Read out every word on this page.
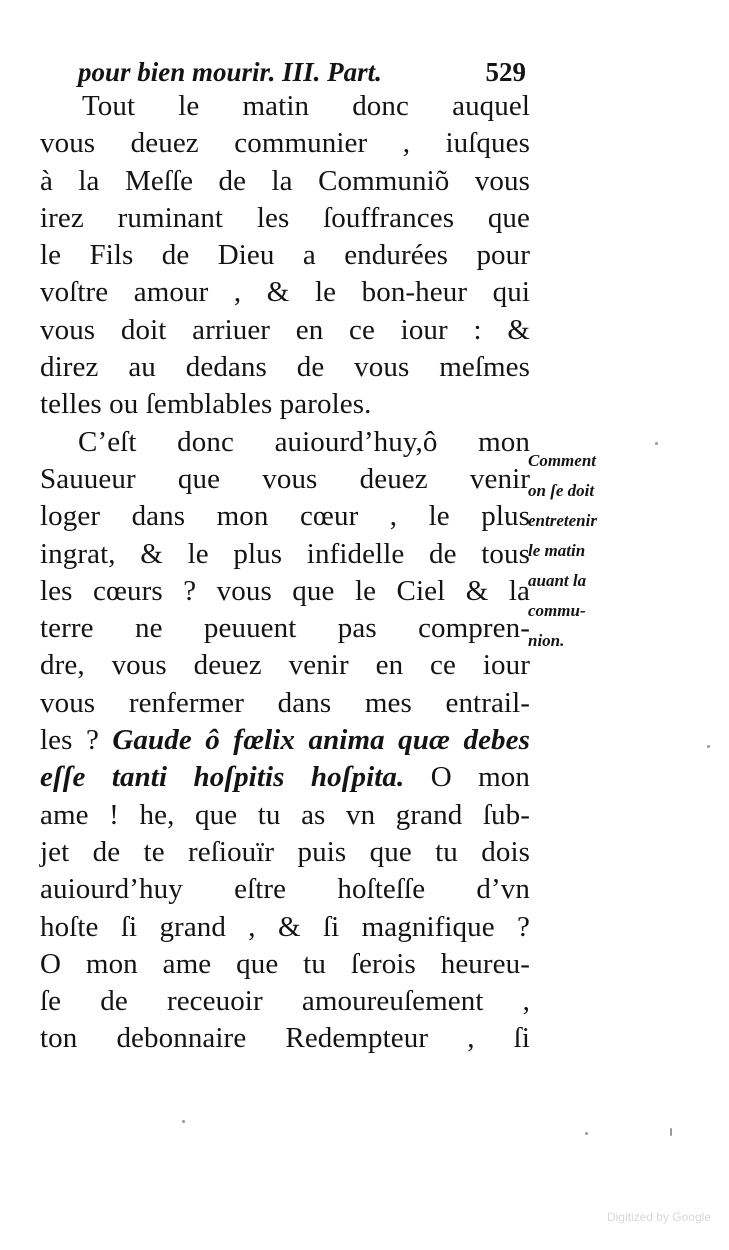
pour bien mourir. III. Part.	529
Tout le matin donc auquel
vous deuez communier , iuſques
à la Meſſe de la Communiõ vous
irez ruminant les ſouffrances que
le Fils de Dieu a endurées pour
voſtre amour , & le bon-heur qui
vous doit arriuer en ce iour : &
direz au dedans de vous meſmes
telles ou ſemblables paroles.
C’eſt donc auiourd’huy,ô mon
Sauueur que vous deuez venir
loger dans mon cœur , le plus
ingrat, & le plus infidelle de tous
les cœurs ? vous que le Ciel & la
terre ne peuuent pas compren-
dre, vous deuez venir en ce iour
vous renfermer dans mes entrail-
les ? Gaude ô fœlix anima quæ debes
eſſe tanti hoſpitis hoſpita. O mon
ame ! he, que tu as vn grand ſub-
jet de te reſiouïr puis que tu dois
auiourd’huy eſtre hoſteſſe d’vn
hoſte ſi grand , & ſi magnifique ?
O mon ame que tu ſerois heureu-
ſe de receuoir amoureuſement ,
ton debonnaire Redempteur , ſi
Comment
on ſe doit
entretenir
le matin
auant la
commu-
nion.
Digitized by Google
